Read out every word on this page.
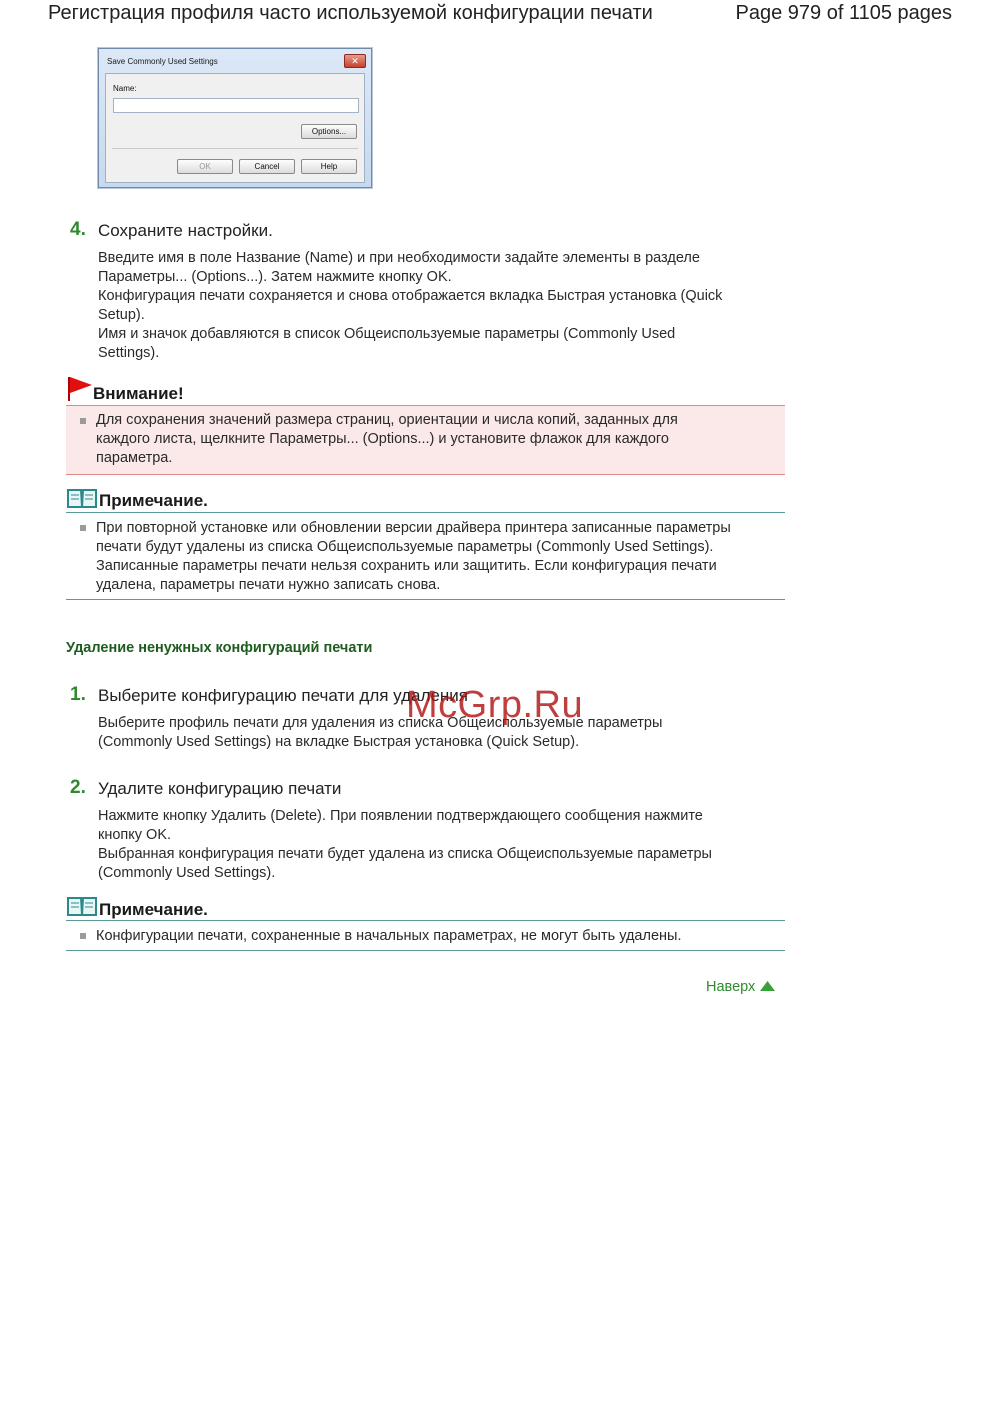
Регистрация профиля часто используемой конфигурации печати	Page 979 of 1105 pages
Save Commonly Used Settings	✕
Name:
Options...
OK	Cancel	Help
4. Сохраните настройки.
Введите имя в поле Название (Name) и при необходимости задайте элементы в разделе
Параметры... (Options...). Затем нажмите кнопку OK.
Конфигурация печати сохраняется и снова отображается вкладка Быстрая установка (Quick
Setup).
Имя и значок добавляются в список Общеиспользуемые параметры (Commonly Used
Settings).
Внимание!
Для сохранения значений размера страниц, ориентации и числа копий, заданных для
каждого листа, щелкните Параметры... (Options...) и установите флажок для каждого
параметра.
Примечание.
При повторной установке или обновлении версии драйвера принтера записанные параметры
печати будут удалены из списка Общеиспользуемые параметры (Commonly Used Settings).
Записанные параметры печати нельзя сохранить или защитить. Если конфигурация печати
удалена, параметры печати нужно записать снова.
Удаление ненужных конфигураций печати
1. Выберите конфигурацию печати для удаления
Выберите профиль печати для удаления из списка Общеиспользуемые параметры
(Commonly Used Settings) на вкладке Быстрая установка (Quick Setup).
2. Удалите конфигурацию печати
Нажмите кнопку Удалить (Delete). При появлении подтверждающего сообщения нажмите
кнопку OK.
Выбранная конфигурация печати будет удалена из списка Общеиспользуемые параметры
(Commonly Used Settings).
Примечание.
Конфигурации печати, сохраненные в начальных параметрах, не могут быть удалены.
McGrp.Ru
Наверх
